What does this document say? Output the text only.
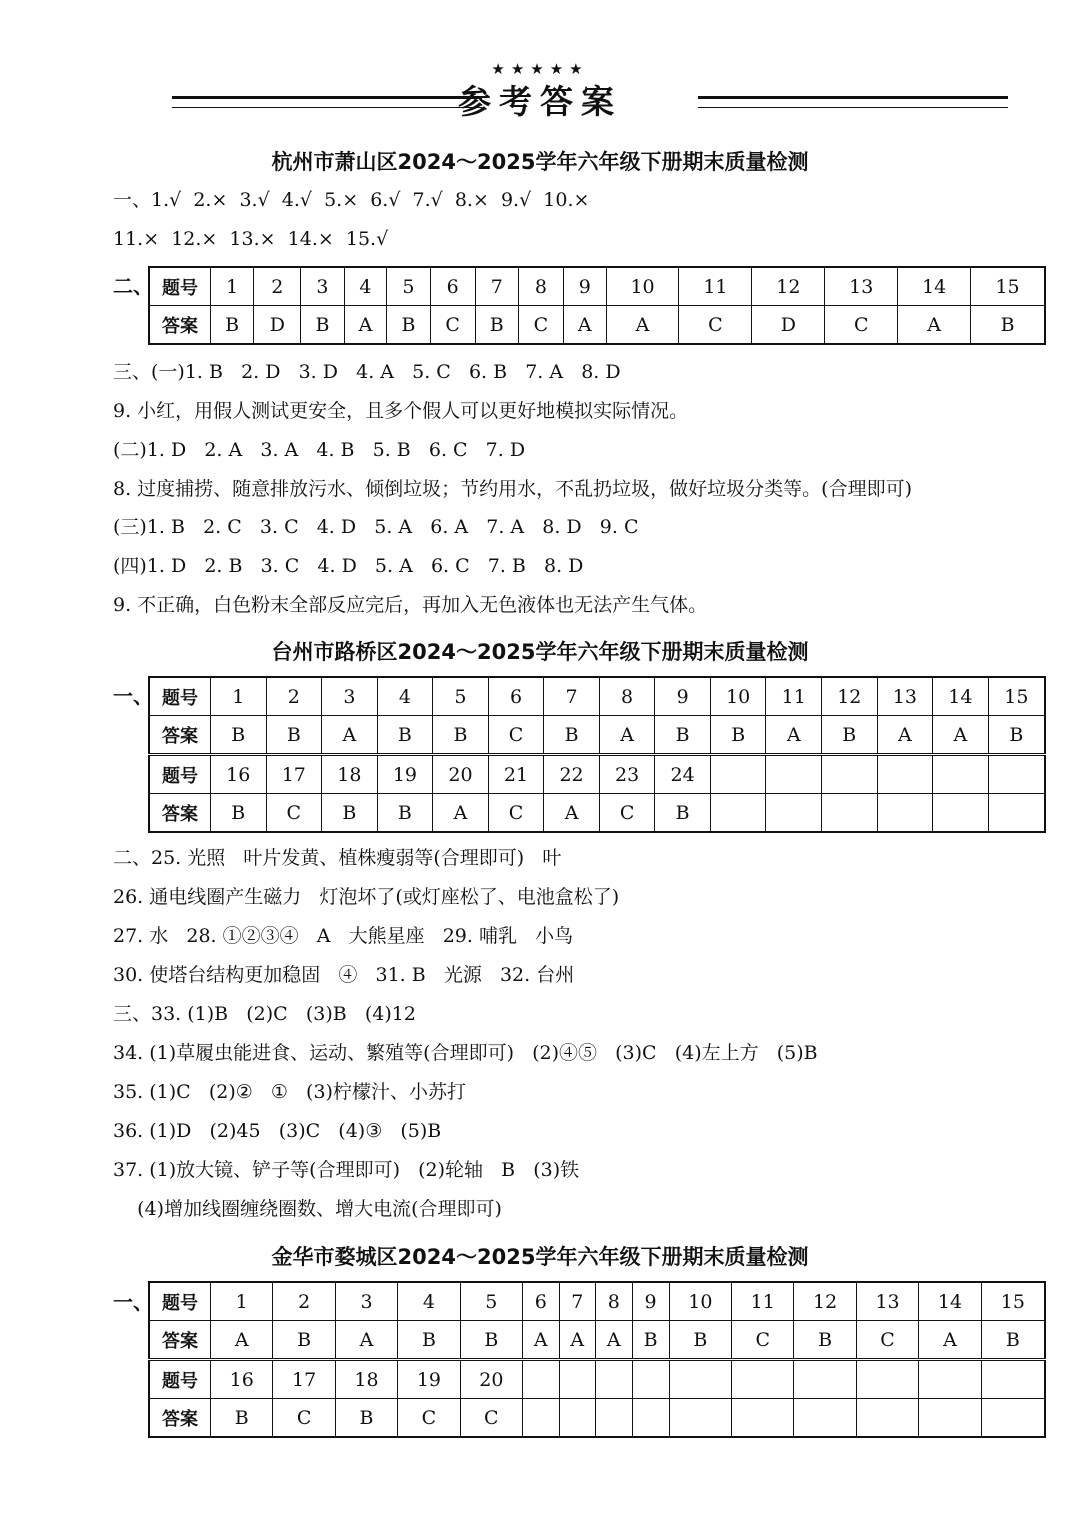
★★★★★
参考答案
杭州市萧山区2024～2025学年六年级下册期末质量检测
一、1.√  2.×  3.√  4.√  5.×  6.√  7.√  8.×  9.√  10.×
11.×  12.×  13.×  14.×  15.√
二、 题号	1	2	3	4	5	6	7	8	9	10	11	12	13	14	15
答案	B	D	B	A	B	C	B	C	A	A	C	D	C	A	B
三、(一)1. B   2. D   3. D   4. A   5. C   6. B   7. A   8. D
9. 小红，用假人测试更安全，且多个假人可以更好地模拟实际情况。
(二)1. D   2. A   3. A   4. B   5. B   6. C   7. D
8. 过度捕捞、随意排放污水、倾倒垃圾；节约用水，不乱扔垃圾，做好垃圾分类等。(合理即可)
(三)1. B   2. C   3. C   4. D   5. A   6. A   7. A   8. D   9. C
(四)1. D   2. B   3. C   4. D   5. A   6. C   7. B   8. D
9. 不正确，白色粉末全部反应完后，再加入无色液体也无法产生气体。
台州市路桥区2024～2025学年六年级下册期末质量检测
一、 题号	1	2	3	4	5	6	7	8	9	10	11	12	13	14	15
答案	B	B	A	B	B	C	B	A	B	B	A	B	A	A	B
题号	16	17	18	19	20	21	22	23	24						
答案	B	C	B	B	A	C	A	C	B						
二、25. 光照   叶片发黄、植株瘦弱等(合理即可)   叶
26. 通电线圈产生磁力   灯泡坏了(或灯座松了、电池盒松了)
27. 水   28. ①②③④   A   大熊星座   29. 哺乳   小鸟
30. 使塔台结构更加稳固   ④   31. B   光源   32. 台州
三、33. (1)B   (2)C   (3)B   (4)12
34. (1)草履虫能进食、运动、繁殖等(合理即可)   (2)④⑤   (3)C   (4)左上方   (5)B
35. (1)C   (2)②   ①   (3)柠檬汁、小苏打
36. (1)D   (2)45   (3)C   (4)③   (5)B
37. (1)放大镜、铲子等(合理即可)   (2)轮轴   B   (3)铁
(4)增加线圈缠绕圈数、增大电流(合理即可)
金华市婺城区2024～2025学年六年级下册期末质量检测
一、 题号	1	2	3	4	5	6	7	8	9	10	11	12	13	14	15
答案	A	B	A	B	B	A	A	A	B	B	C	B	C	A	B
题号	16	17	18	19	20										
答案	B	C	B	C	C										
